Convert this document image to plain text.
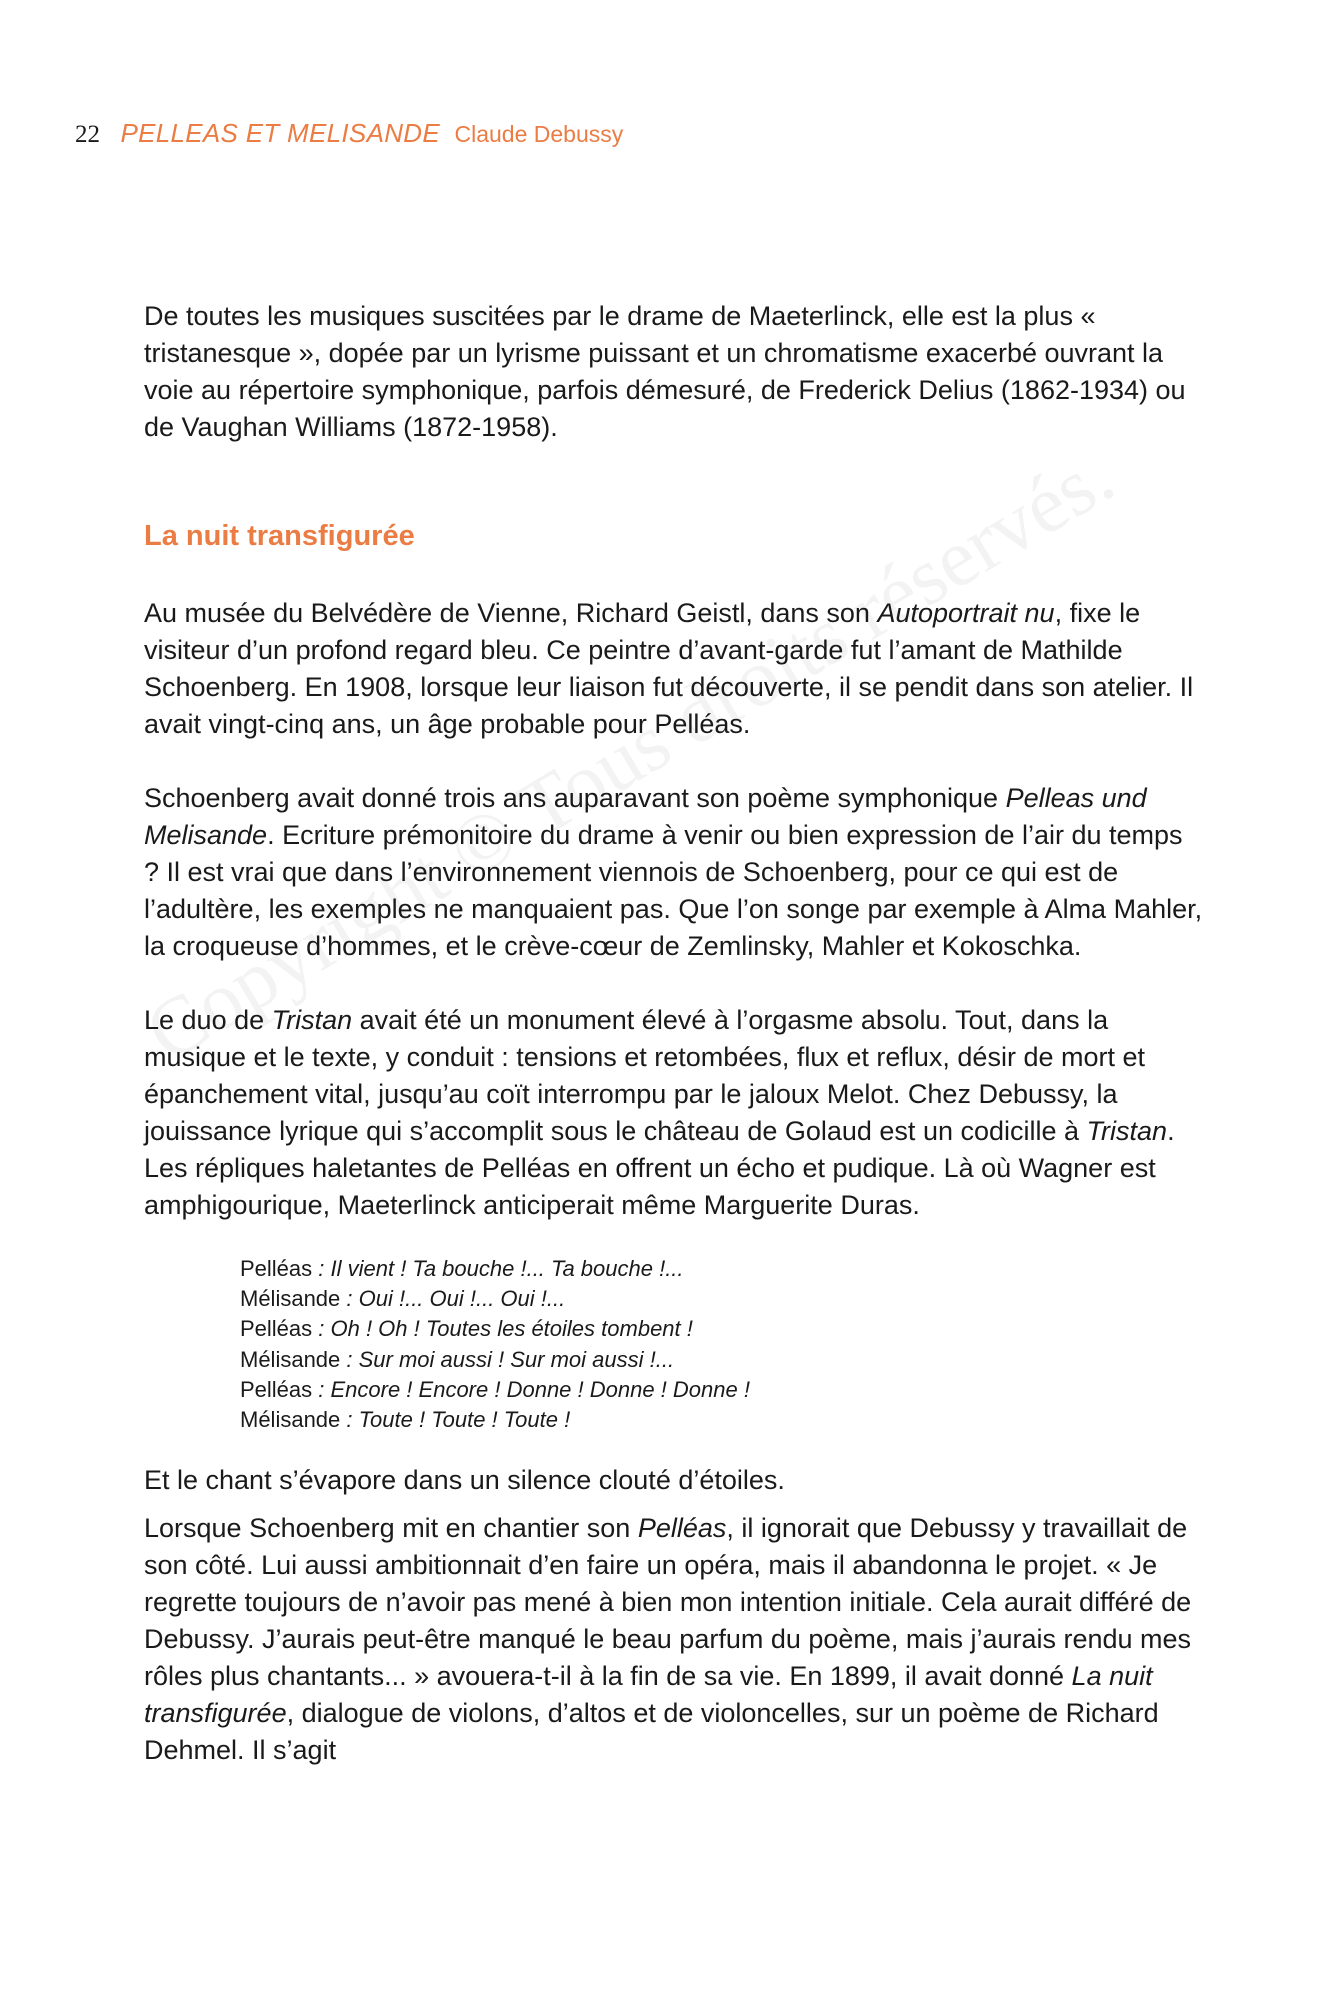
22 PELLEAS ET MELISANDE Claude Debussy

De toutes les musiques suscitées par le drame de Maeterlinck, elle est la plus « tristanesque », dopée par un lyrisme puissant et un chromatisme exacerbé ouvrant la voie au répertoire symphonique, parfois démesuré, de Frederick Delius (1862-1934) ou de Vaughan Williams (1872-1958).

La nuit transfigurée

Au musée du Belvédère de Vienne, Richard Geistl, dans son Autoportrait nu, fixe le visiteur d’un profond regard bleu. Ce peintre d’avant-garde fut l’amant de Mathilde Schoenberg. En 1908, lorsque leur liaison fut découverte, il se pendit dans son atelier. Il avait vingt-cinq ans, un âge probable pour Pelléas.

Schoenberg avait donné trois ans auparavant son poème symphonique Pelleas und Melisande. Ecriture prémonitoire du drame à venir ou bien expression de l’air du temps ? Il est vrai que dans l’environnement viennois de Schoenberg, pour ce qui est de l’adultère, les exemples ne manquaient pas. Que l’on songe par exemple à Alma Mahler, la croqueuse d’hommes, et le crève-cœur de Zemlinsky, Mahler et Kokoschka.

Le duo de Tristan avait été un monument élevé à l’orgasme absolu. Tout, dans la musique et le texte, y conduit : tensions et retombées, flux et reflux, désir de mort et épanchement vital, jusqu’au coït interrompu par le jaloux Melot. Chez Debussy, la jouissance lyrique qui s’accomplit sous le château de Golaud est un codicille à Tristan. Les répliques haletantes de Pelléas en offrent un écho et pudique. Là où Wagner est amphigourique, Maeterlinck anticiperait même Marguerite Duras.

Pelléas : Il vient ! Ta bouche !... Ta bouche !...
Mélisande : Oui !... Oui !... Oui !...
Pelléas : Oh ! Oh ! Toutes les étoiles tombent !
Mélisande : Sur moi aussi ! Sur moi aussi !...
Pelléas : Encore ! Encore ! Donne ! Donne ! Donne !
Mélisande : Toute ! Toute ! Toute !

Et le chant s’évapore dans un silence clouté d’étoiles.

Lorsque Schoenberg mit en chantier son Pelléas, il ignorait que Debussy y travaillait de son côté. Lui aussi ambitionnait d’en faire un opéra, mais il abandonna le projet. « Je regrette toujours de n’avoir pas mené à bien mon intention initiale. Cela aurait différé de Debussy. J’aurais peut-être manqué le beau parfum du poème, mais j’aurais rendu mes rôles plus chantants... » avouera-t-il à la fin de sa vie. En 1899, il avait donné La nuit transfigurée, dialogue de violons, d’altos et de violoncelles, sur un poème de Richard Dehmel. Il s’agit
